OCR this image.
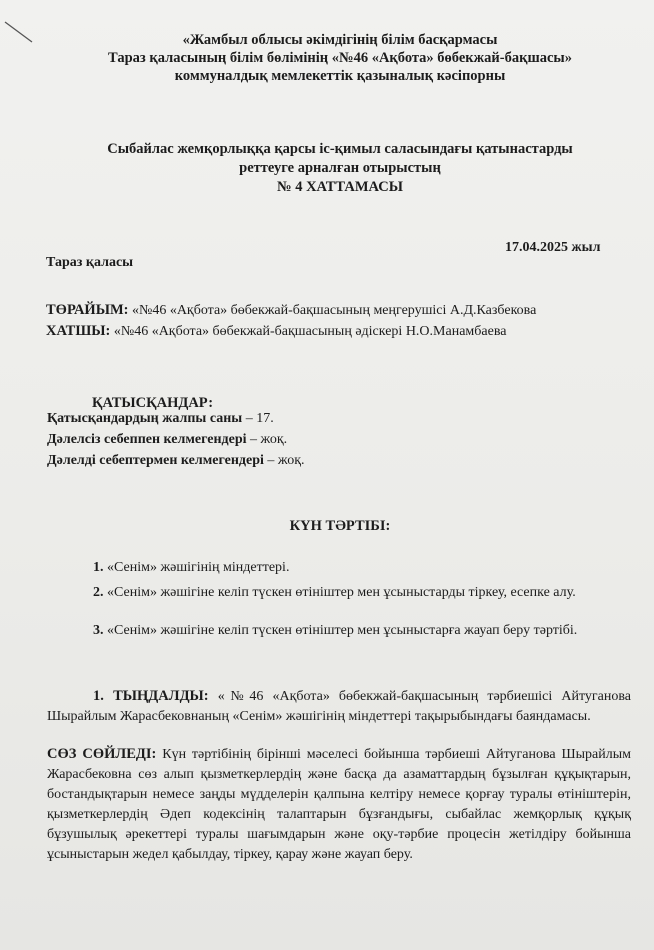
«Жамбыл облысы әкімдігінің білім басқармасы
Тараз қаласының білім бөлімінің «№46 «Ақбота» бөбекжай-бақшасы»
коммуналдық мемлекеттік қазыналық кәсіпорны
Сыбайлас жемқорлыққа қарсы іс-қимыл саласындағы қатынастарды
реттеуге арналған отырыстың
№ 4 ХАТТАМАСЫ
17.04.2025 жыл
Тараз қаласы
ТӨРАЙЫМ: «№46 «Ақбота» бөбекжай-бақшасының меңгерушісі А.Д.Казбекова
ХАТШЫ: «№46 «Ақбота» бөбекжай-бақшасының әдіскері Н.О.Манамбаева
ҚАТЫСҚАНДАР:
Қатысқандардың жалпы саны – 17.
Дәлелсіз себеппен келмегендері – жоқ.
Дәлелді себептермен келмегендері – жоқ.
КҮН ТӘРТІБІ:
1. «Сенім» жәшігінің міндеттері.
2. «Сенім» жәшігіне келіп түскен өтініштер мен ұсыныстарды тіркеу, есепке алу.
3. «Сенім» жәшігіне келіп түскен өтініштер мен ұсыныстарға жауап беру тәртібі.
1. ТЫҢДАЛДЫ: «№46 «Ақбота» бөбекжай-бақшасының тәрбиешісі Айтуганова Шырайлым Жарасбековнаның «Сенім» жәшігінің міндеттері тақырыбындағы баяндамасы.
СӨЗ СӨЙЛЕДІ: Күн тәртібінің бірінші мәселесі бойынша тәрбиеші Айтуганова Шырайлым Жарасбековна сөз алып қызметкерлердің және басқа да азаматтардың бұзылған құқықтарын, бостандықтарын немесе заңды мүдделерін қалпына келтіру немесе қорғау туралы өтініштерін, қызметкерлердің Әдеп кодексінің талаптарын бұзғандығы, сыбайлас жемқорлық құқық бұзушылық әрекеттері туралы шағымдарын және оқу-тәрбие процесін жетілдіру бойынша ұсыныстарын жедел қабылдау, тіркеу, қарау және жауап беру.
